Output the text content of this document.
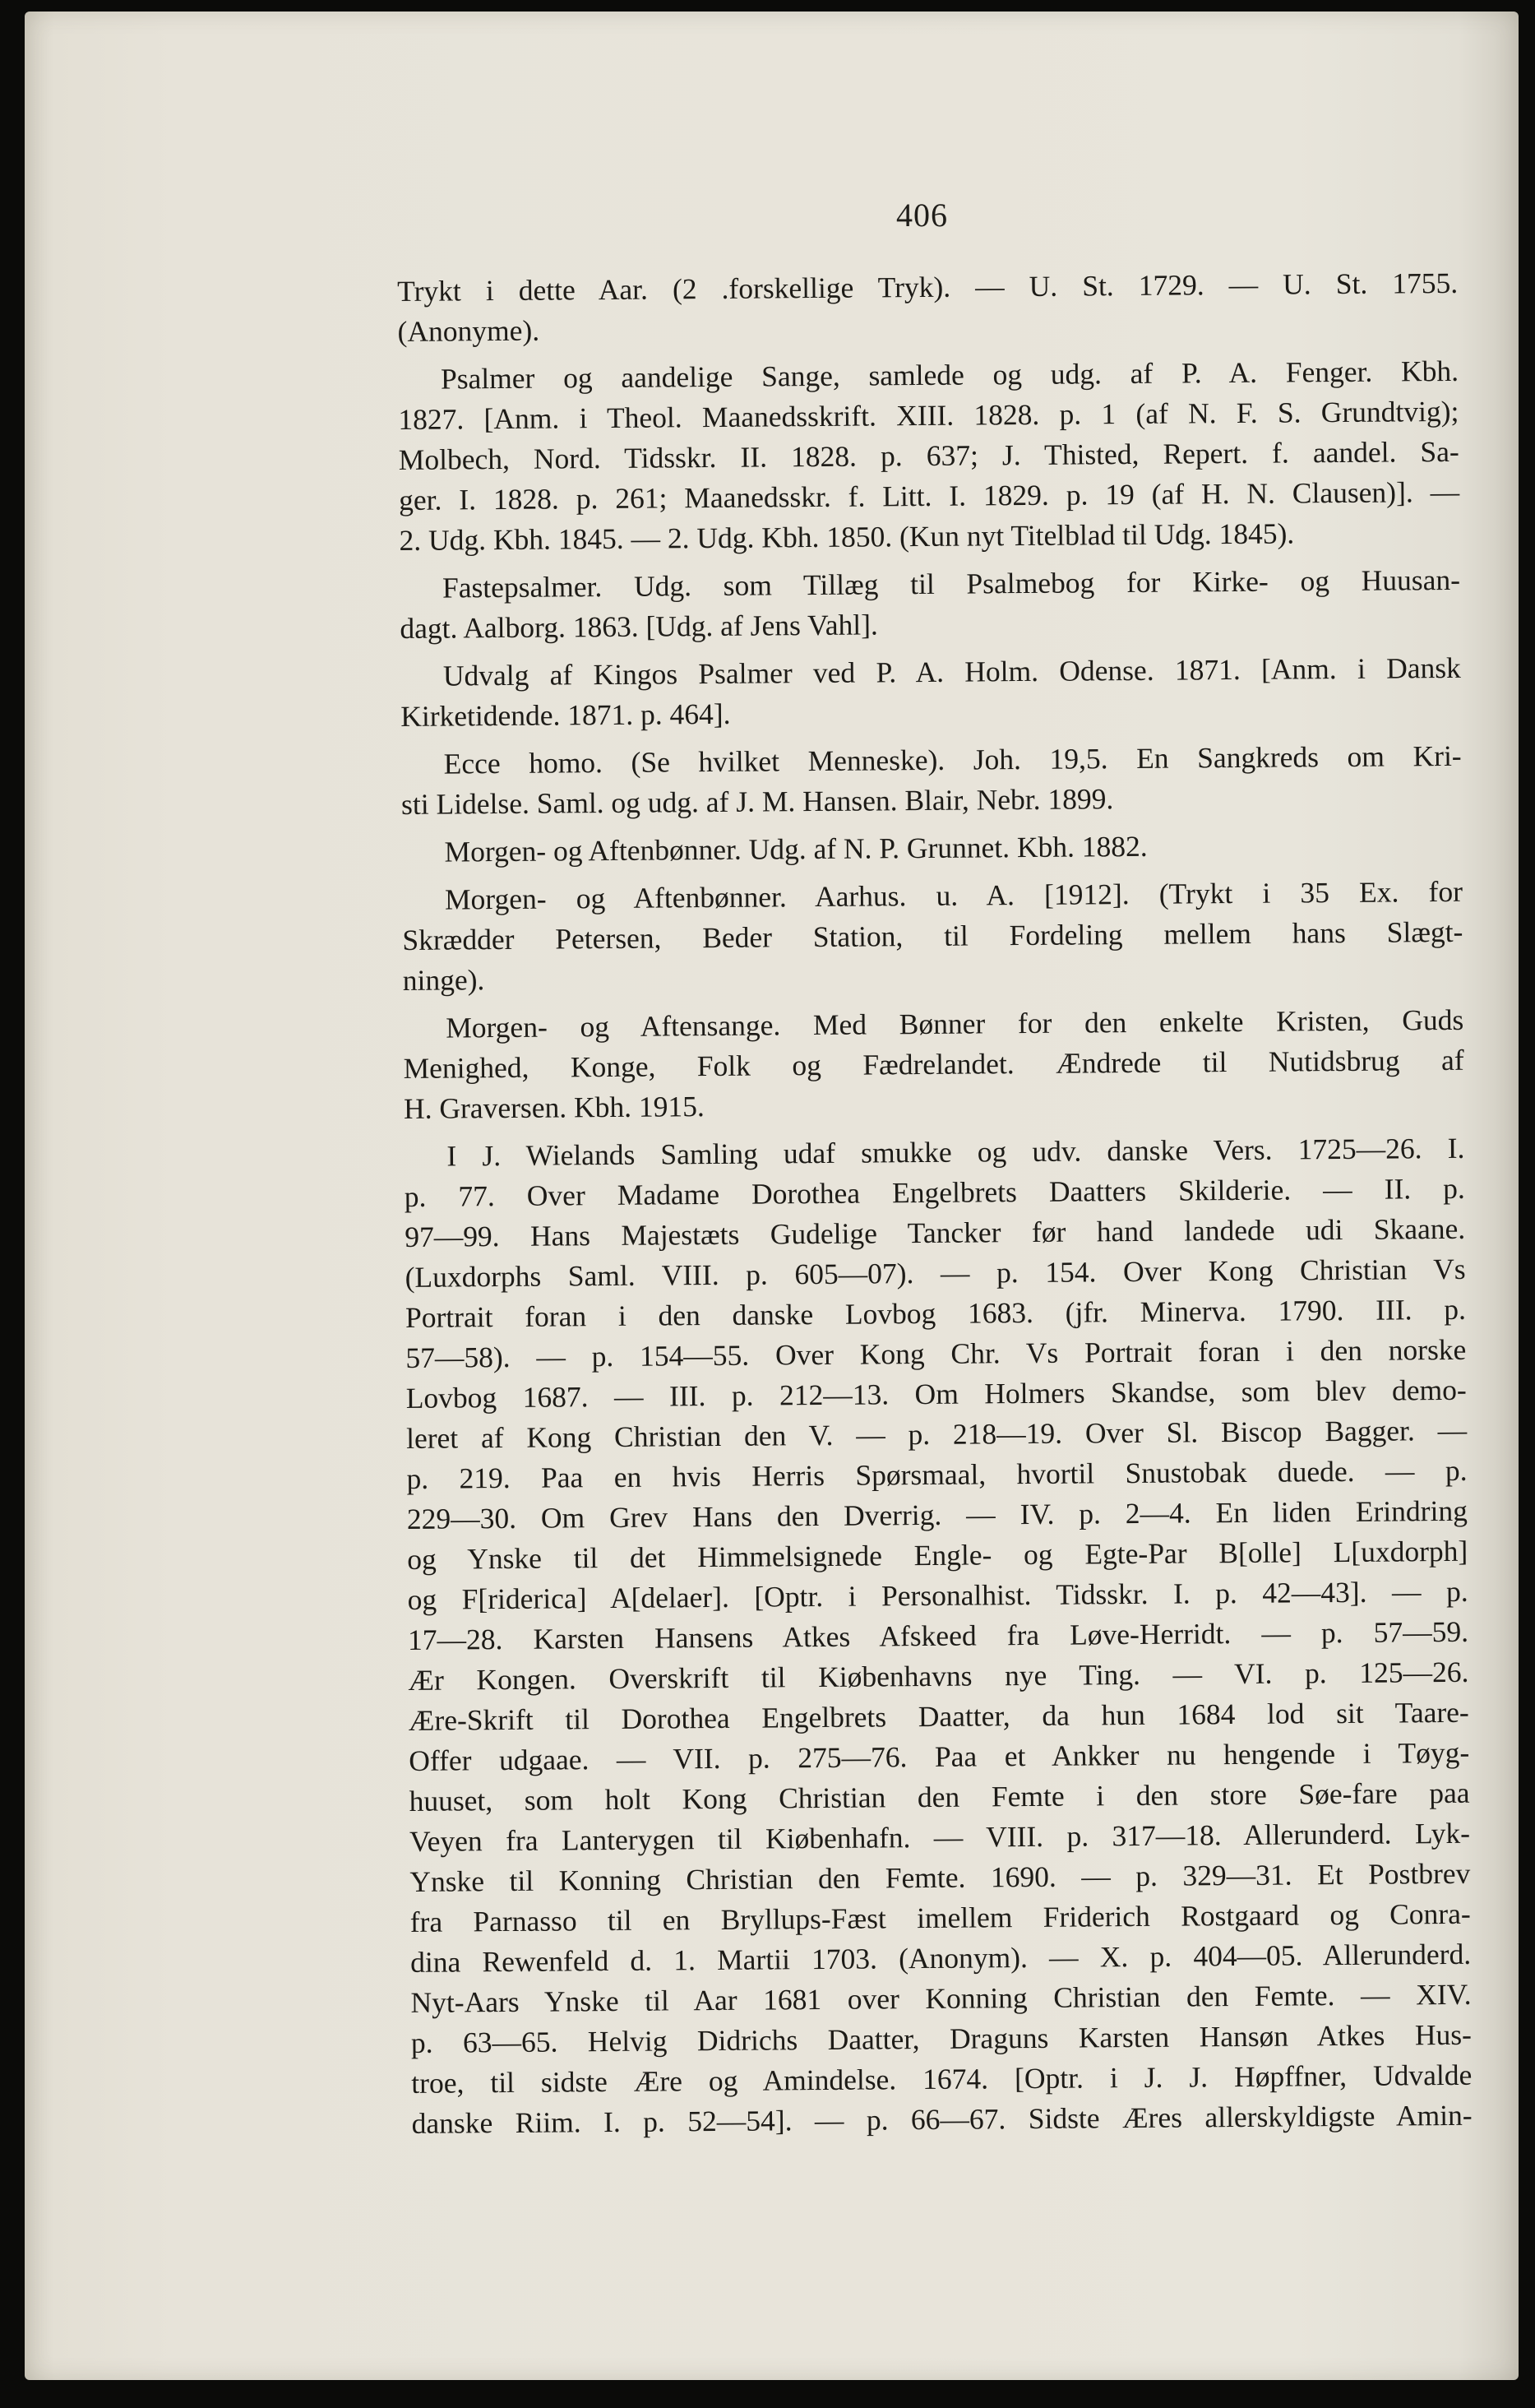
406
Trykt i dette Aar. (2 .forskellige Tryk). — U. St. 1729. — U. St. 1755.
(Anonyme).
Psalmer og aandelige Sange, samlede og udg. af P. A. Fenger. Kbh.
1827. [Anm. i Theol. Maanedsskrift. XIII. 1828. p. 1 (af N. F. S. Grundtvig);
Molbech, Nord. Tidsskr. II. 1828. p. 637; J. Thisted, Repert. f. aandel. Sa-
ger. I. 1828. p. 261; Maanedsskr. f. Litt. I. 1829. p. 19 (af H. N. Clausen)]. —
2. Udg. Kbh. 1845. — 2. Udg. Kbh. 1850. (Kun nyt Titelblad til Udg. 1845).
Fastepsalmer. Udg. som Tillæg til Psalmebog for Kirke- og Huusan-
dagt. Aalborg. 1863. [Udg. af Jens Vahl].
Udvalg af Kingos Psalmer ved P. A. Holm. Odense. 1871. [Anm. i Dansk
Kirketidende. 1871. p. 464].
Ecce homo. (Se hvilket Menneske). Joh. 19,5. En Sangkreds om Kri-
sti Lidelse. Saml. og udg. af J. M. Hansen. Blair, Nebr. 1899.
Morgen- og Aftenbønner. Udg. af N. P. Grunnet. Kbh. 1882.
Morgen- og Aftenbønner. Aarhus. u. A. [1912]. (Trykt i 35 Ex. for
Skrædder Petersen, Beder Station, til Fordeling mellem hans Slægt-
ninge).
Morgen- og Aftensange. Med Bønner for den enkelte Kristen, Guds
Menighed, Konge, Folk og Fædrelandet. Ændrede til Nutidsbrug af
H. Graversen. Kbh. 1915.
I J. Wielands Samling udaf smukke og udv. danske Vers. 1725—26. I.
p. 77. Over Madame Dorothea Engelbrets Daatters Skilderie. — II. p.
97—99. Hans Majestæts Gudelige Tancker før hand landede udi Skaane.
(Luxdorphs Saml. VIII. p. 605—07). — p. 154. Over Kong Christian Vs
Portrait foran i den danske Lovbog 1683. (jfr. Minerva. 1790. III. p.
57—58). — p. 154—55. Over Kong Chr. Vs Portrait foran i den norske
Lovbog 1687. — III. p. 212—13. Om Holmers Skandse, som blev demo-
leret af Kong Christian den V. — p. 218—19. Over Sl. Biscop Bagger. —
p. 219. Paa en hvis Herris Spørsmaal, hvortil Snustobak duede. — p.
229—30. Om Grev Hans den Dverrig. — IV. p. 2—4. En liden Erindring
og Ynske til det Himmelsignede Engle- og Egte-Par B[olle] L[uxdorph]
og F[riderica] A[delaer]. [Optr. i Personalhist. Tidsskr. I. p. 42—43]. — p.
17—28. Karsten Hansens Atkes Afskeed fra Løve-Herridt. — p. 57—59.
Ær Kongen. Overskrift til Kiøbenhavns nye Ting. — VI. p. 125—26.
Ære-Skrift til Dorothea Engelbrets Daatter, da hun 1684 lod sit Taare-
Offer udgaae. — VII. p. 275—76. Paa et Ankker nu hengende i Tøyg-
huuset, som holt Kong Christian den Femte i den store Søe-fare paa
Veyen fra Lanterygen til Kiøbenhafn. — VIII. p. 317—18. Allerunderd. Lyk-
Ynske til Konning Christian den Femte. 1690. — p. 329—31. Et Postbrev
fra Parnasso til en Bryllups-Fæst imellem Friderich Rostgaard og Conra-
dina Rewenfeld d. 1. Martii 1703. (Anonym). — X. p. 404—05. Allerunderd.
Nyt-Aars Ynske til Aar 1681 over Konning Christian den Femte. — XIV.
p. 63—65. Helvig Didrichs Daatter, Draguns Karsten Hansøn Atkes Hus-
troe, til sidste Ære og Amindelse. 1674. [Optr. i J. J. Høpffner, Udvalde
danske Riim. I. p. 52—54]. — p. 66—67. Sidste Æres allerskyldigste Amin-
